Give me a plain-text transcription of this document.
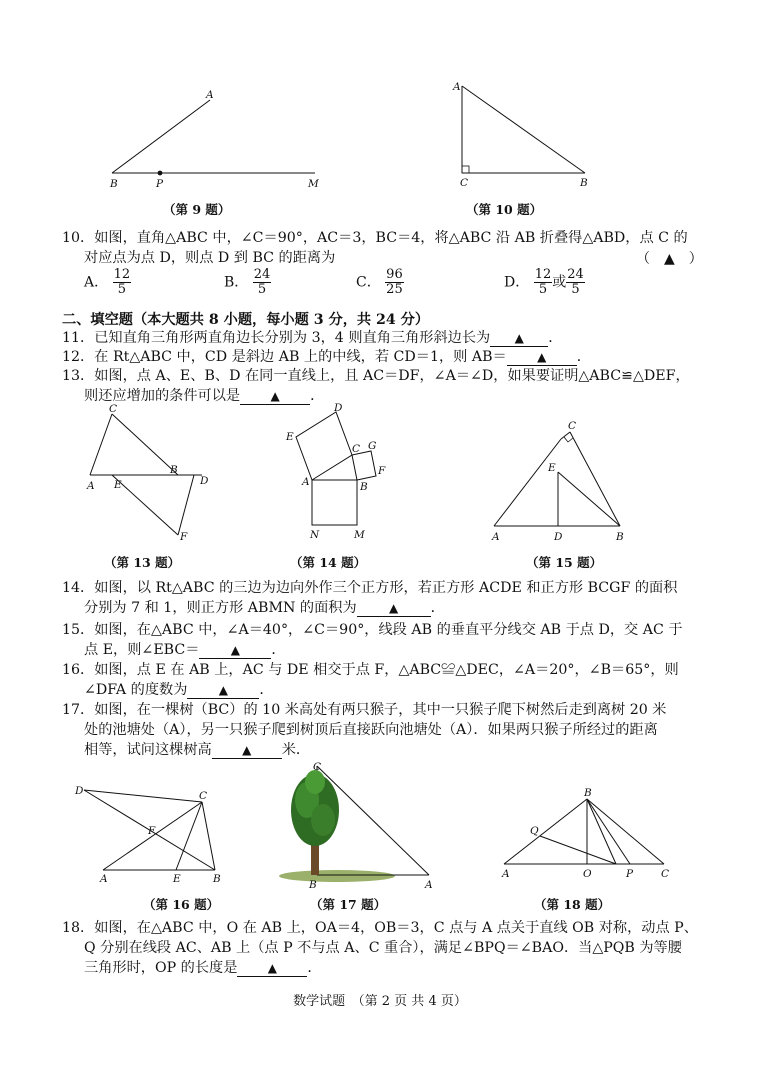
A
B	P	M
（第 9 题）
A
C	B
（第 10 题）
10．如图，直角△ABC 中，∠C＝90°，AC＝3，BC＝4，将△ABC 沿 AB 折叠得△ABD，点 C 的
对应点为点 D，则点 D 到 BC 的距离为	（　▲　）
A． $\frac{12}{5}$	B． $\frac{24}{5}$	C． $\frac{96}{25}$	D． $\frac{12}{5}$ 或 $\frac{24}{5}$
二、填空题（本大题共 8 小题，每小题 3 分，共 24 分）
11．已知直角三角形两直角边长分别为 3，4 则直角三角形斜边长为 ▲ ．
12．在 Rt△ABC 中，CD 是斜边 AB 上的中线，若 CD＝1，则 AB＝	▲ ．
13．如图，点 A、E、B、D 在同一直线上，且 AC＝DF，∠A＝∠D，如果要证明△ABC≌△DEF，
则还应增加的条件可以是	▲ ．
C
B
A E	D
F
（第 13 题）
D
E
C G
F
A	B
N	M
（第 14 题）
C
E
A	D	B
（第 15 题）
14．如图，以 Rt△ABC 的三边为边向外作三个正方形，若正方形 ACDE 和正方形 BCGF 的面积
分别为 7 和 1，则正方形 ABMN 的面积为	▲ ．
15．如图，在△ABC 中，∠A＝40°，∠C＝90°，线段 AB 的垂直平分线交 AB 于点 D，交 AC 于
点 E，则∠EBC＝	▲ ．
16．如图，点 E 在 AB 上，AC 与 DE 相交于点 F，△ABC≌△DEC，∠A＝20°，∠B＝65°，则
∠DFA 的度数为	▲ ．
17．如图，在一棵树（BC）的 10 米高处有两只猴子，其中一只猴子爬下树然后走到离树 20 米
处的池塘处（A），另一只猴子爬到树顶后直接跃向池塘处（A）．如果两只猴子所经过的距离
相等，试问这棵树高	▲ 米．
D	C
F
A	E	B
（第 16 题）
C
B	A
（第 17 题）
B
Q
A	O	P	C
（第 18 题）
18．如图，在△ABC 中，O 在 AB 上，OA＝4，OB＝3，C 点与 A 点关于直线 OB 对称，动点 P、
Q 分别在线段 AC、AB 上（点 P 不与点 A、C 重合），满足∠BPQ＝∠BAO．当△PQB 为等腰
三角形时，OP 的长度是	▲ ．
数学试题　（第 2 页 共 4 页）
